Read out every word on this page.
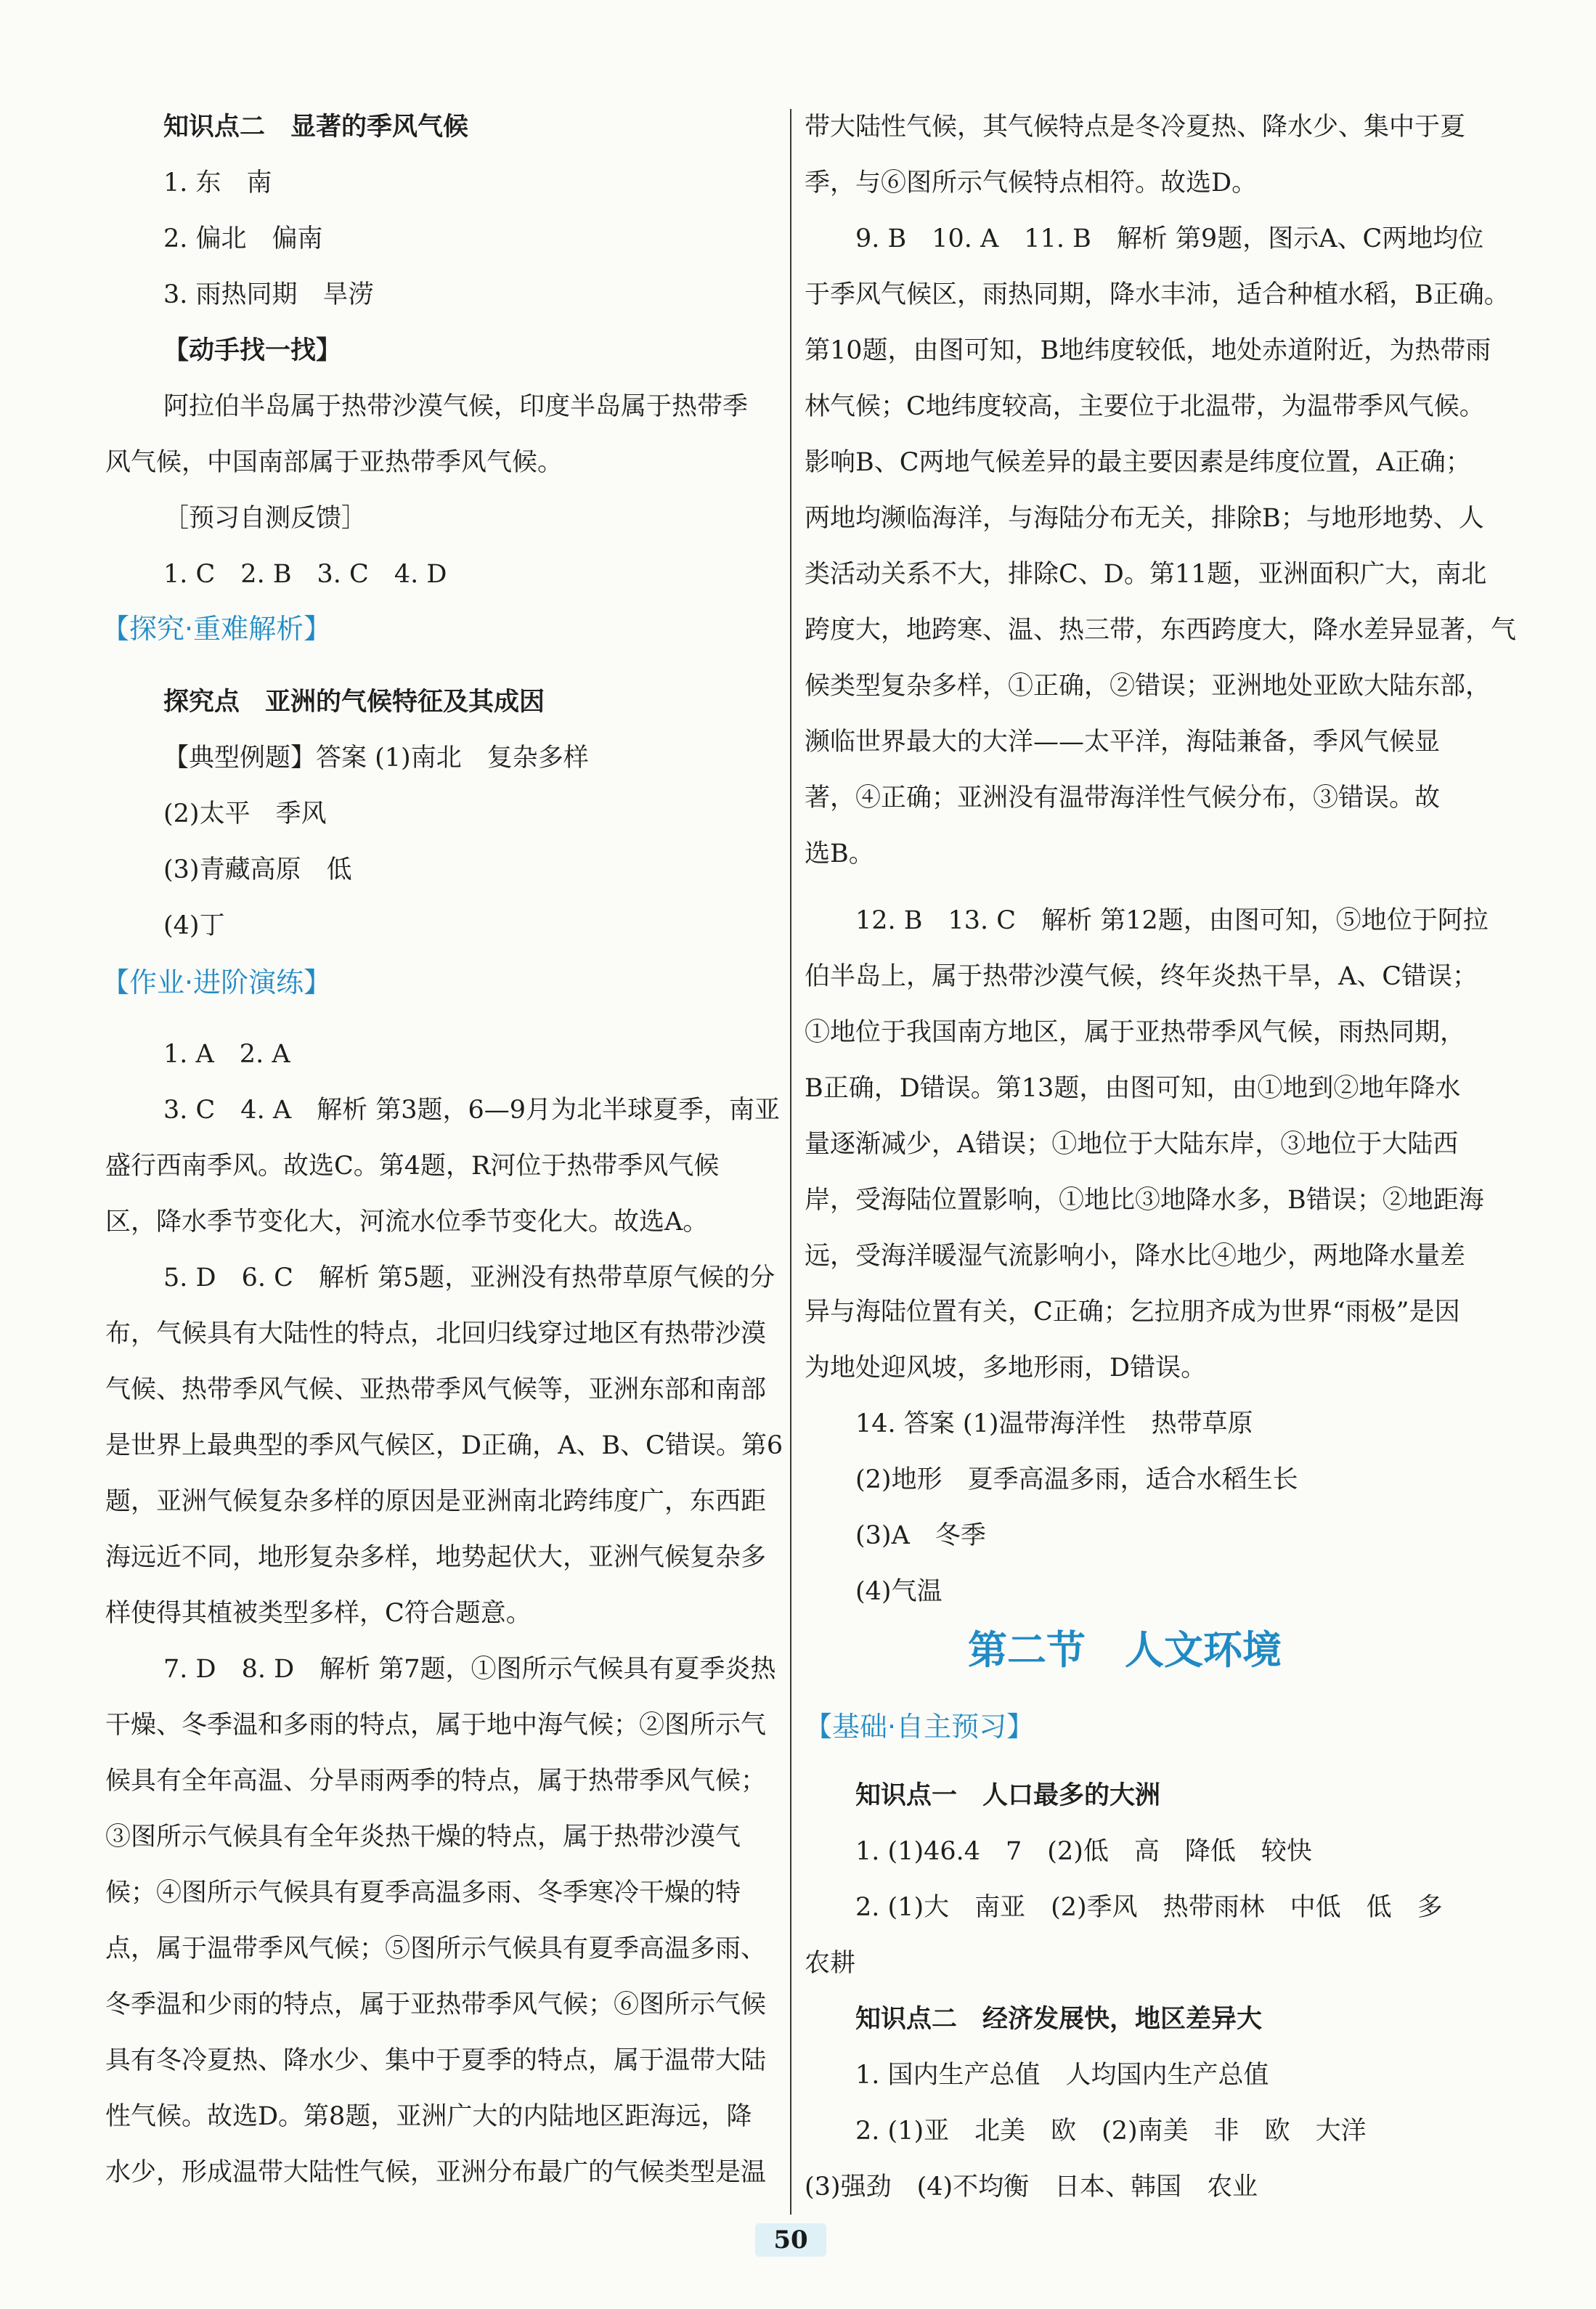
知识点二　显著的季风气候
1. 东　南
2. 偏北　偏南
3. 雨热同期　旱涝
【动手找一找】
阿拉伯半岛属于热带沙漠气候，印度半岛属于热带季
风气候，中国南部属于亚热带季风气候。
［预习自测反馈］
1. C　2. B　3. C　4. D
【探究·重难解析】
探究点　亚洲的气候特征及其成因
【典型例题】答案 (1)南北　复杂多样
(2)太平　季风
(3)青藏高原　低
(4)丁
【作业·进阶演练】
1. A　2. A
3. C　4. A　解析 第3题，6—9月为北半球夏季，南亚
盛行西南季风。故选C。第4题，R河位于热带季风气候
区，降水季节变化大，河流水位季节变化大。故选A。
5. D　6. C　解析 第5题，亚洲没有热带草原气候的分
布，气候具有大陆性的特点，北回归线穿过地区有热带沙漠
气候、热带季风气候、亚热带季风气候等，亚洲东部和南部
是世界上最典型的季风气候区，D正确，A、B、C错误。第6
题，亚洲气候复杂多样的原因是亚洲南北跨纬度广，东西距
海远近不同，地形复杂多样，地势起伏大，亚洲气候复杂多
样使得其植被类型多样，C符合题意。
7. D　8. D　解析 第7题，①图所示气候具有夏季炎热
干燥、冬季温和多雨的特点，属于地中海气候；②图所示气
候具有全年高温、分旱雨两季的特点，属于热带季风气候；
③图所示气候具有全年炎热干燥的特点，属于热带沙漠气
候；④图所示气候具有夏季高温多雨、冬季寒冷干燥的特
点，属于温带季风气候；⑤图所示气候具有夏季高温多雨、
冬季温和少雨的特点，属于亚热带季风气候；⑥图所示气候
具有冬冷夏热、降水少、集中于夏季的特点，属于温带大陆
性气候。故选D。第8题，亚洲广大的内陆地区距海远，降
水少，形成温带大陆性气候，亚洲分布最广的气候类型是温
带大陆性气候，其气候特点是冬冷夏热、降水少、集中于夏
季，与⑥图所示气候特点相符。故选D。
9. B　10. A　11. B　解析 第9题，图示A、C两地均位
于季风气候区，雨热同期，降水丰沛，适合种植水稻，B正确。
第10题，由图可知，B地纬度较低，地处赤道附近，为热带雨
林气候；C地纬度较高，主要位于北温带，为温带季风气候。
影响B、C两地气候差异的最主要因素是纬度位置，A正确；
两地均濒临海洋，与海陆分布无关，排除B；与地形地势、人
类活动关系不大，排除C、D。第11题，亚洲面积广大，南北
跨度大，地跨寒、温、热三带，东西跨度大，降水差异显著，气
候类型复杂多样，①正确，②错误；亚洲地处亚欧大陆东部，
濒临世界最大的大洋——太平洋，海陆兼备，季风气候显
著，④正确；亚洲没有温带海洋性气候分布，③错误。故
选B。
12. B　13. C　解析 第12题，由图可知，⑤地位于阿拉
伯半岛上，属于热带沙漠气候，终年炎热干旱，A、C错误；
①地位于我国南方地区，属于亚热带季风气候，雨热同期，
B正确，D错误。第13题，由图可知，由①地到②地年降水
量逐渐减少，A错误；①地位于大陆东岸，③地位于大陆西
岸，受海陆位置影响，①地比③地降水多，B错误；②地距海
远，受海洋暖湿气流影响小，降水比④地少，两地降水量差
异与海陆位置有关，C正确；乞拉朋齐成为世界“雨极”是因
为地处迎风坡，多地形雨，D错误。
14. 答案 (1)温带海洋性　热带草原
(2)地形　夏季高温多雨，适合水稻生长
(3)A　冬季
(4)气温
第二节　人文环境
【基础·自主预习】
知识点一　人口最多的大洲
1. (1)46.4　7　(2)低　高　降低　较快
2. (1)大　南亚　(2)季风　热带雨林　中低　低　多
农耕
知识点二　经济发展快，地区差异大
1. 国内生产总值　人均国内生产总值
2. (1)亚　北美　欧　(2)南美　非　欧　大洋
(3)强劲　(4)不均衡　日本、韩国　农业
50
